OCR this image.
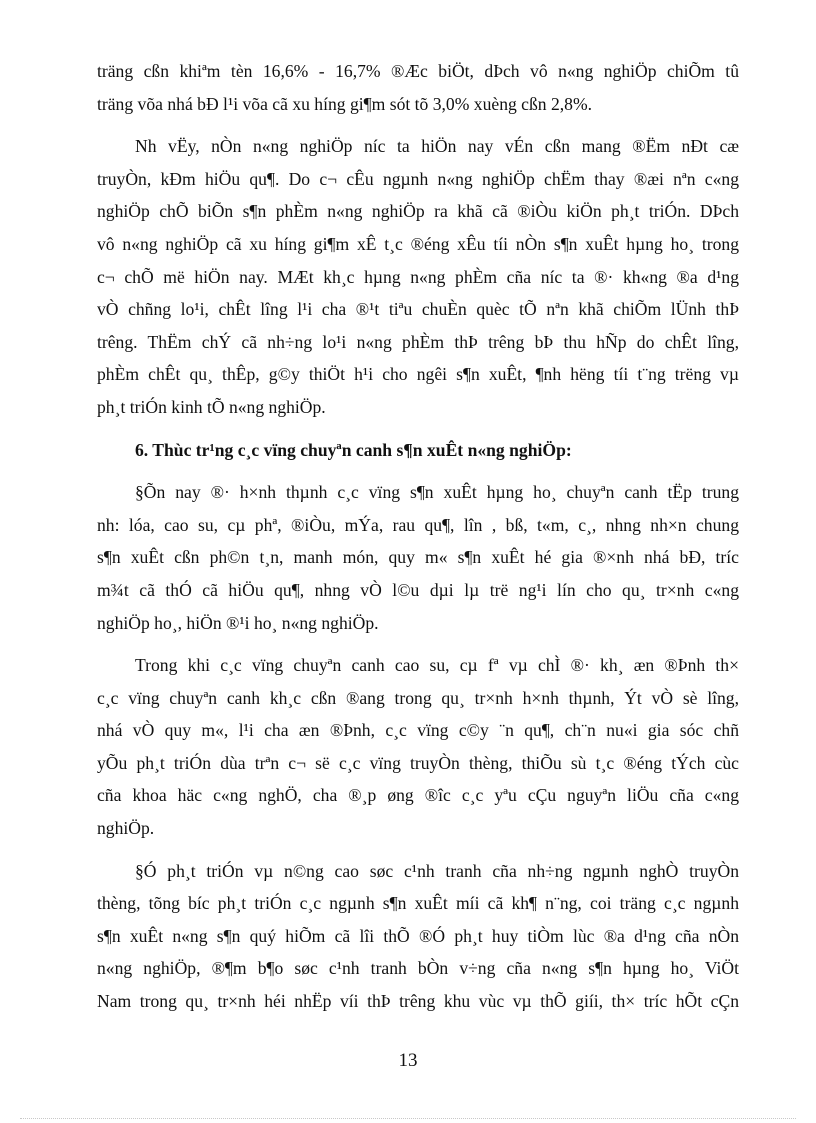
träng cßn khiªm tèn 16,6% - 16,7% ®Æc biÖt, dÞch vô n«ng nghiÖp chiÕm tû
träng võa nhá bÐ l¹i võa cã xu híng gi¶m sót tõ 3,0% xuèng cßn 2,8%.
Nh vËy, nÒn n«ng nghiÖp níc ta hiÖn nay vÉn cßn mang ®Ëm nÐt cæ
truyÒn, kÐm hiÖu qu¶. Do c¬ cÊu ngµnh n«ng nghiÖp chËm thay ®æi nªn c«ng
nghiÖp chÕ biÕn s¶n phÈm n«ng nghiÖp ra khã cã ®iÒu kiÖn ph¸t triÓn. DÞch
vô n«ng nghiÖp cã xu híng gi¶m xÊ t¸c ®éng xÊu tíi nÒn s¶n xuÊt hµng ho¸ trong
c¬ chÕ më hiÖn nay. MÆt kh¸c hµng n«ng phÈm cña níc ta ®· kh«ng ®a d¹ng
vÒ chñng lo¹i, chÊt lîng l¹i cha ®¹t tiªu chuÈn quèc tÕ nªn khã chiÕm lÜnh thÞ
trêng. ThËm chÝ cã nh÷ng lo¹i n«ng phÈm thÞ trêng bÞ thu hÑp do chÊt lîng,
phÈm chÊt qu¸ thÊp, g©y thiÖt h¹i cho ngêi s¶n xuÊt, ¶nh hëng tíi t¨ng trëng vµ
ph¸t triÓn kinh tÕ n«ng nghiÖp.
6. Thùc tr¹ng c¸c vïng chuyªn canh s¶n xuÊt n«ng nghiÖp:
§Õn nay ®· h×nh thµnh c¸c vïng s¶n xuÊt hµng ho¸ chuyªn canh tËp trung
nh: lóa, cao su, cµ phª, ®iÒu, mÝa, rau qu¶, lîn , bß, t«m, c¸, nhng nh×n chung
s¶n xuÊt cßn ph©n t¸n, manh món, quy m« s¶n xuÊt hé gia ®×nh nhá bÐ, tríc
m¾t cã thÓ cã hiÖu qu¶, nhng vÒ l©u dµi lµ trë ng¹i lín cho qu¸ tr×nh c«ng
nghiÖp ho¸, hiÖn ®¹i ho¸ n«ng nghiÖp.
Trong khi c¸c vïng chuyªn canh cao su, cµ fª vµ chÌ ®· kh¸ æn ®Þnh th×
c¸c vïng chuyªn canh kh¸c cßn ®ang trong qu¸ tr×nh h×nh thµnh, Ýt vÒ sè lîng,
nhá vÒ quy m«, l¹i cha æn ®Þnh, c¸c vïng c©y ¨n qu¶, ch¨n nu«i gia sóc chñ
yÕu ph¸t triÓn dùa trªn c¬ së c¸c vïng truyÒn thèng, thiÕu sù t¸c ®éng tÝch cùc
cña khoa häc c«ng nghÖ, cha ®¸p øng ®îc c¸c yªu cÇu nguyªn liÖu cña c«ng
nghiÖp.
§Ó ph¸t triÓn vµ n©ng cao søc c¹nh tranh cña nh÷ng ngµnh nghÒ truyÒn
thèng, tõng bíc ph¸t triÓn c¸c ngµnh s¶n xuÊt míi cã kh¶ n¨ng, coi träng c¸c ngµnh
s¶n xuÊt n«ng s¶n quý hiÕm cã lîi thÕ ®Ó ph¸t huy tiÒm lùc ®a d¹ng cña nÒn
n«ng nghiÖp, ®¶m b¶o søc c¹nh tranh bÒn v÷ng cña n«ng s¶n hµng ho¸ ViÖt
Nam trong qu¸ tr×nh héi nhËp víi thÞ trêng khu vùc vµ thÕ giíi, th× tríc hÕt cÇn
13
